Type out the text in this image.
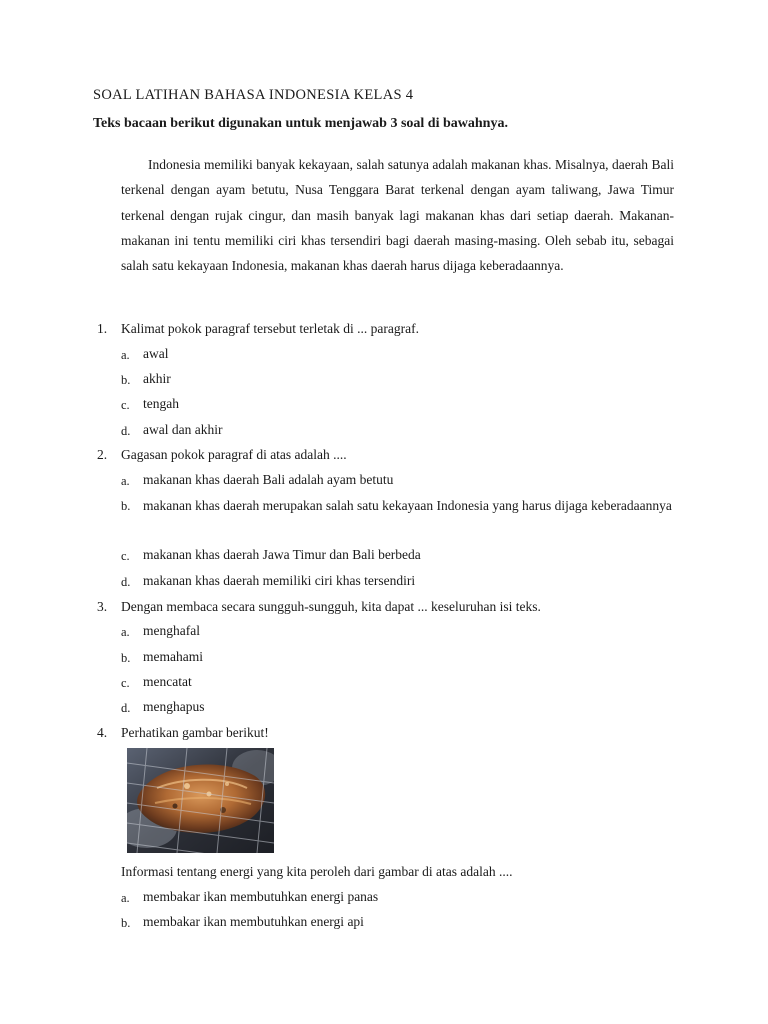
SOAL LATIHAN BAHASA INDONESIA KELAS 4
Teks bacaan berikut digunakan untuk menjawab 3 soal di bawahnya.

Indonesia memiliki banyak kekayaan, salah satunya adalah makanan khas. Misalnya, daerah Bali terkenal dengan ayam betutu, Nusa Tenggara Barat terkenal dengan ayam taliwang, Jawa Timur terkenal dengan rujak cingur, dan masih banyak lagi makanan khas dari setiap daerah. Makanan-makanan ini tentu memiliki ciri khas tersendiri bagi daerah masing-masing. Oleh sebab itu, sebagai salah satu kekayaan Indonesia, makanan khas daerah harus dijaga keberadaannya.

1. Kalimat pokok paragraf tersebut terletak di ... paragraf.
a. awal
b. akhir
c. tengah
d. awal dan akhir
2. Gagasan pokok paragraf di atas adalah ....
a. makanan khas daerah Bali adalah ayam betutu
b. makanan khas daerah merupakan salah satu kekayaan Indonesia yang harus dijaga keberadaannya
c. makanan khas daerah Jawa Timur dan Bali berbeda
d. makanan khas daerah memiliki ciri khas tersendiri
3. Dengan membaca secara sungguh-sungguh, kita dapat ... keseluruhan isi teks.
a. menghafal
b. memahami
c. mencatat
d. menghapus
4. Perhatikan gambar berikut!
Informasi tentang energi yang kita peroleh dari gambar di atas adalah ....
a. membakar ikan membutuhkan energi panas
b. membakar ikan membutuhkan energi api
